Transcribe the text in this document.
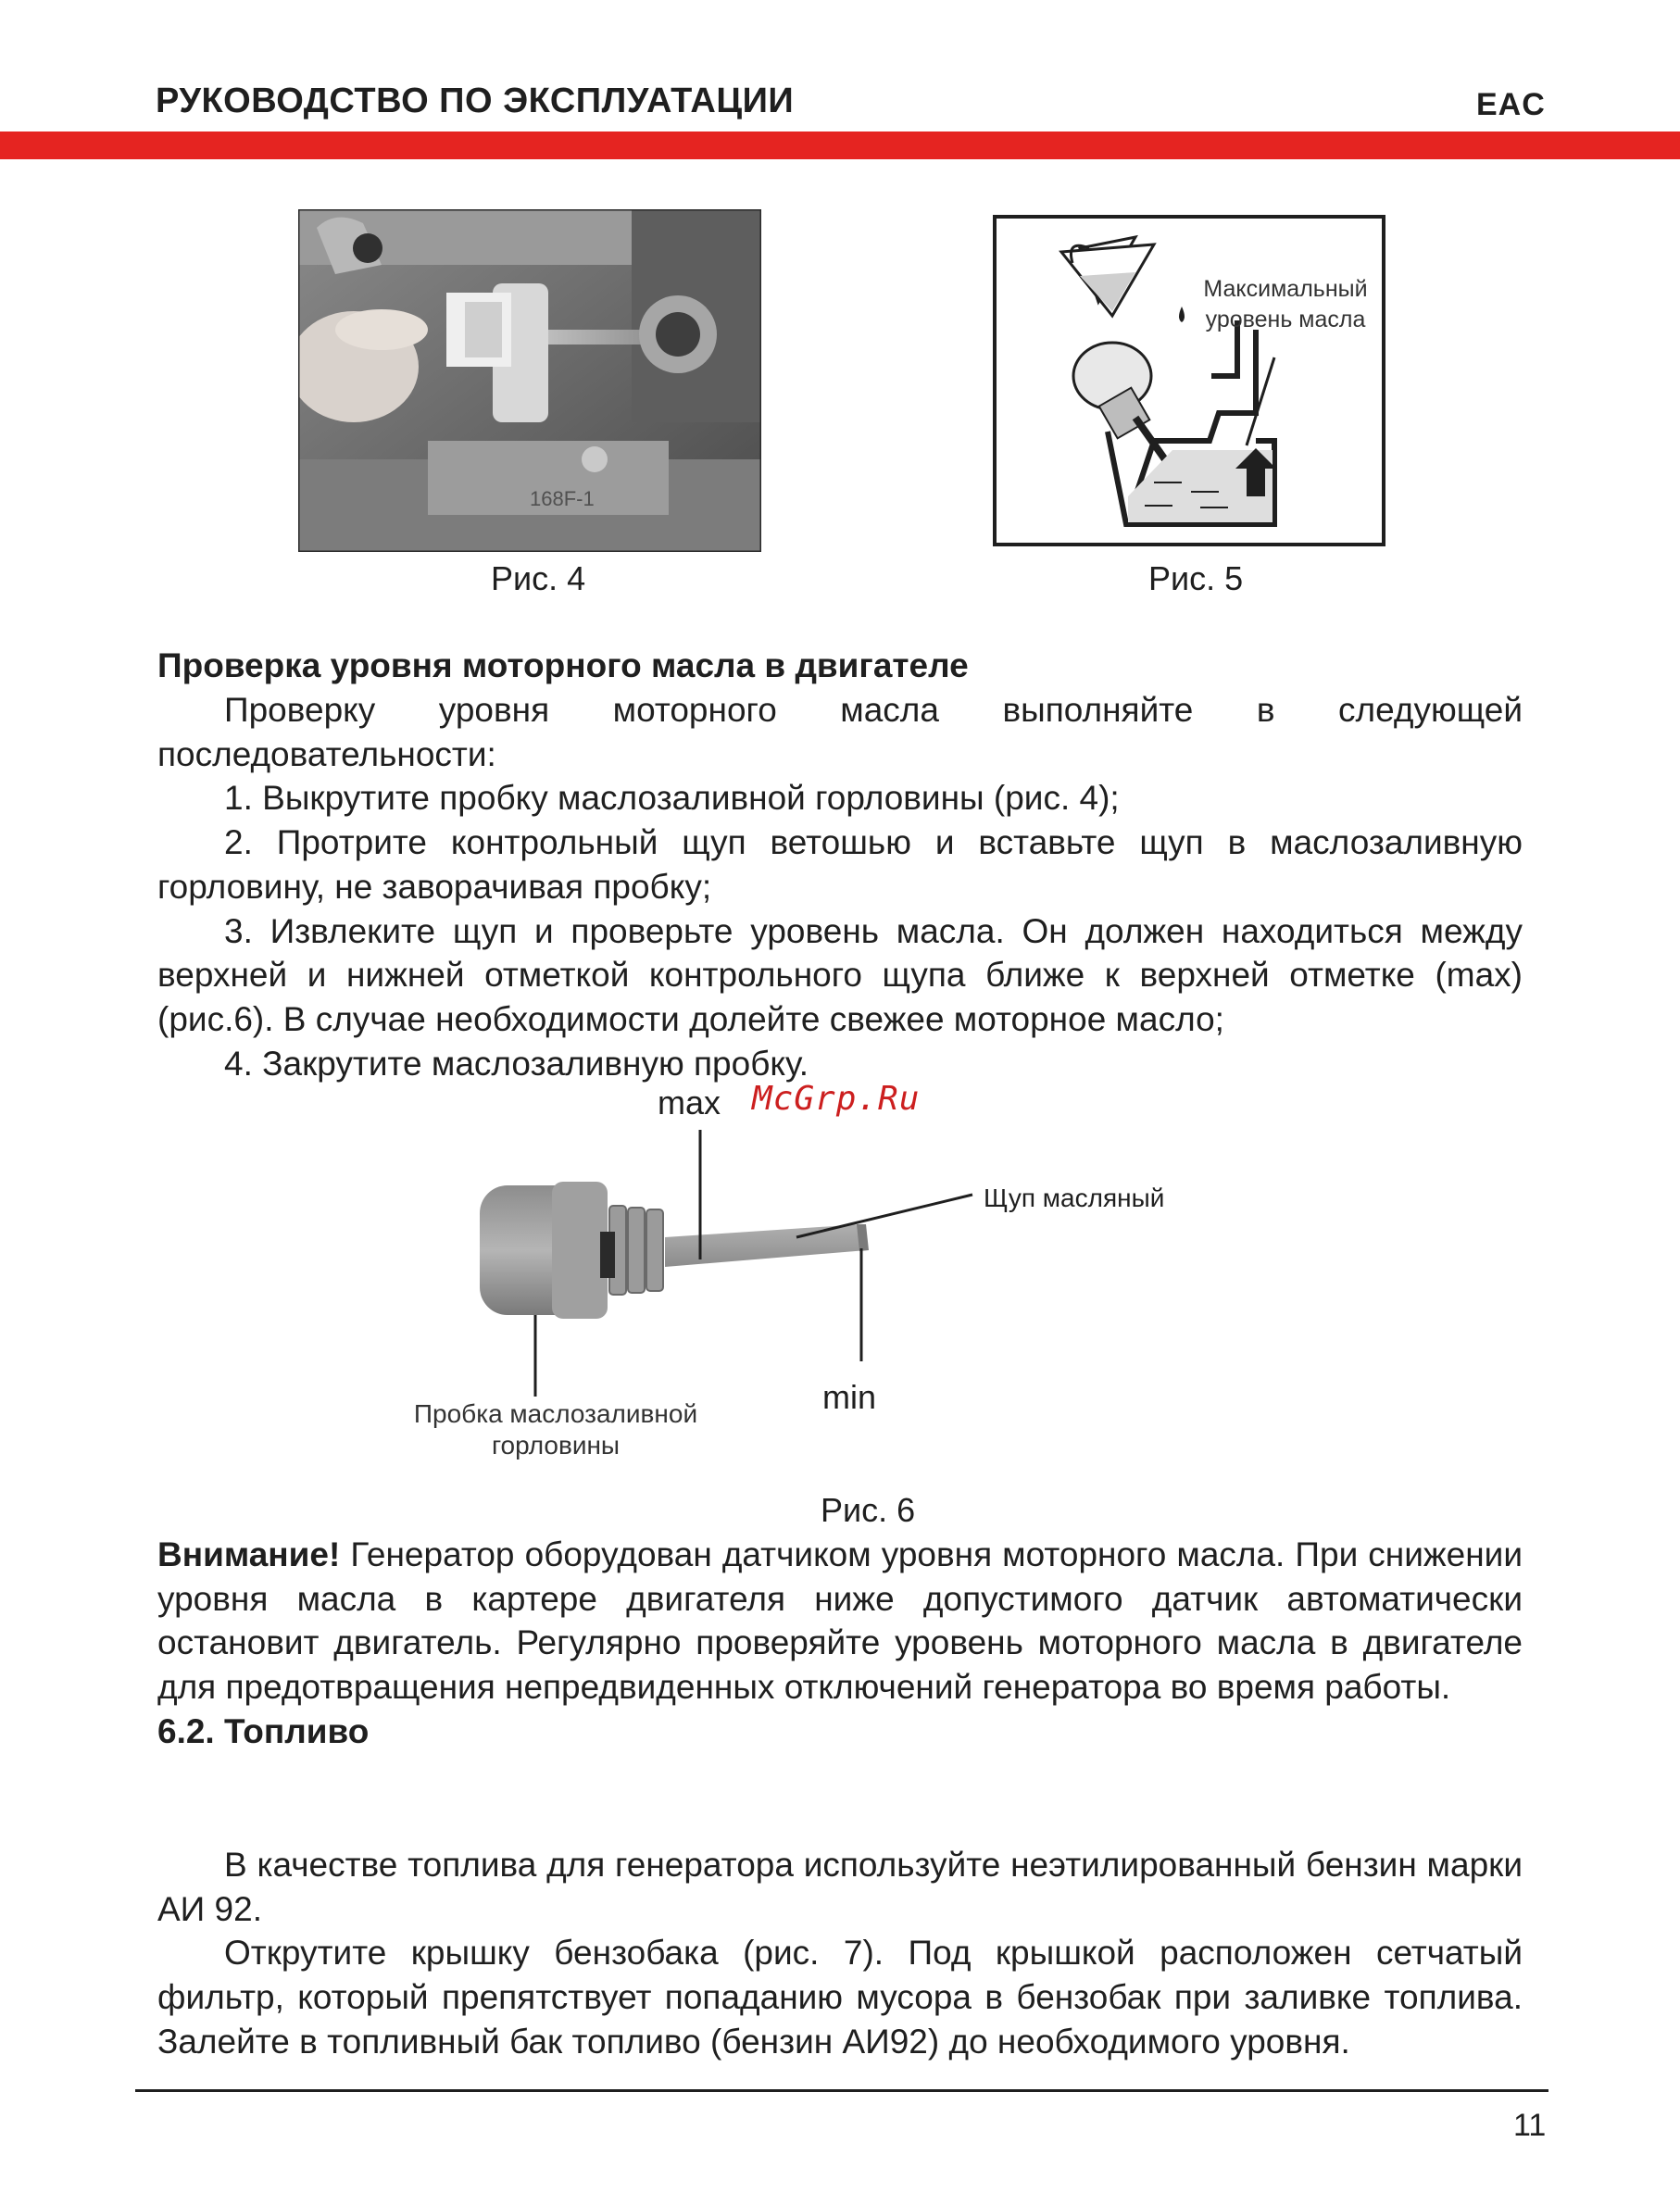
РУКОВОДСТВО ПО ЭКСПЛУАТАЦИИ	EAC
168F-1
Рис. 4
Максимальный
уровень масла
Рис. 5
Проверка уровня моторного масла в двигателе

Проверку уровня моторного масла выполняйте в следующей последовательности:

1. Выкрутите пробку маслозаливной горловины (рис. 4);

2. Протрите контрольный щуп ветошью и вставьте щуп в маслозаливную горловину, не заворачивая пробку;

3. Извлеките щуп и проверьте уровень масла. Он должен находиться между верхней и нижней отметкой контрольного щупа ближе к верхней отметке (max) (рис.6). В случае необходимости долейте свежее моторное масло;

4. Закрутите маслозаливную пробку.

McGrp.Ru
max
min
Щуп масляный
Пробка маслозаливной
горловины
Рис. 6

Внимание! Генератор оборудован датчиком уровня моторного масла. При снижении уровня масла в картере двигателя ниже допустимого датчик автоматически остановит двигатель. Регулярно проверяйте уровень моторного масла в двигателе для предотвращения непредвиденных отключений генератора во время работы.

6.2. Топливо

В качестве топлива для генератора используйте неэтилированный бензин марки АИ 92.

Открутите крышку бензобака (рис. 7). Под крышкой расположен сетчатый фильтр, который препятствует попаданию мусора в бензобак при заливке топлива. Залейте в топливный бак топливо (бензин АИ92) до необходимого уровня.

11
